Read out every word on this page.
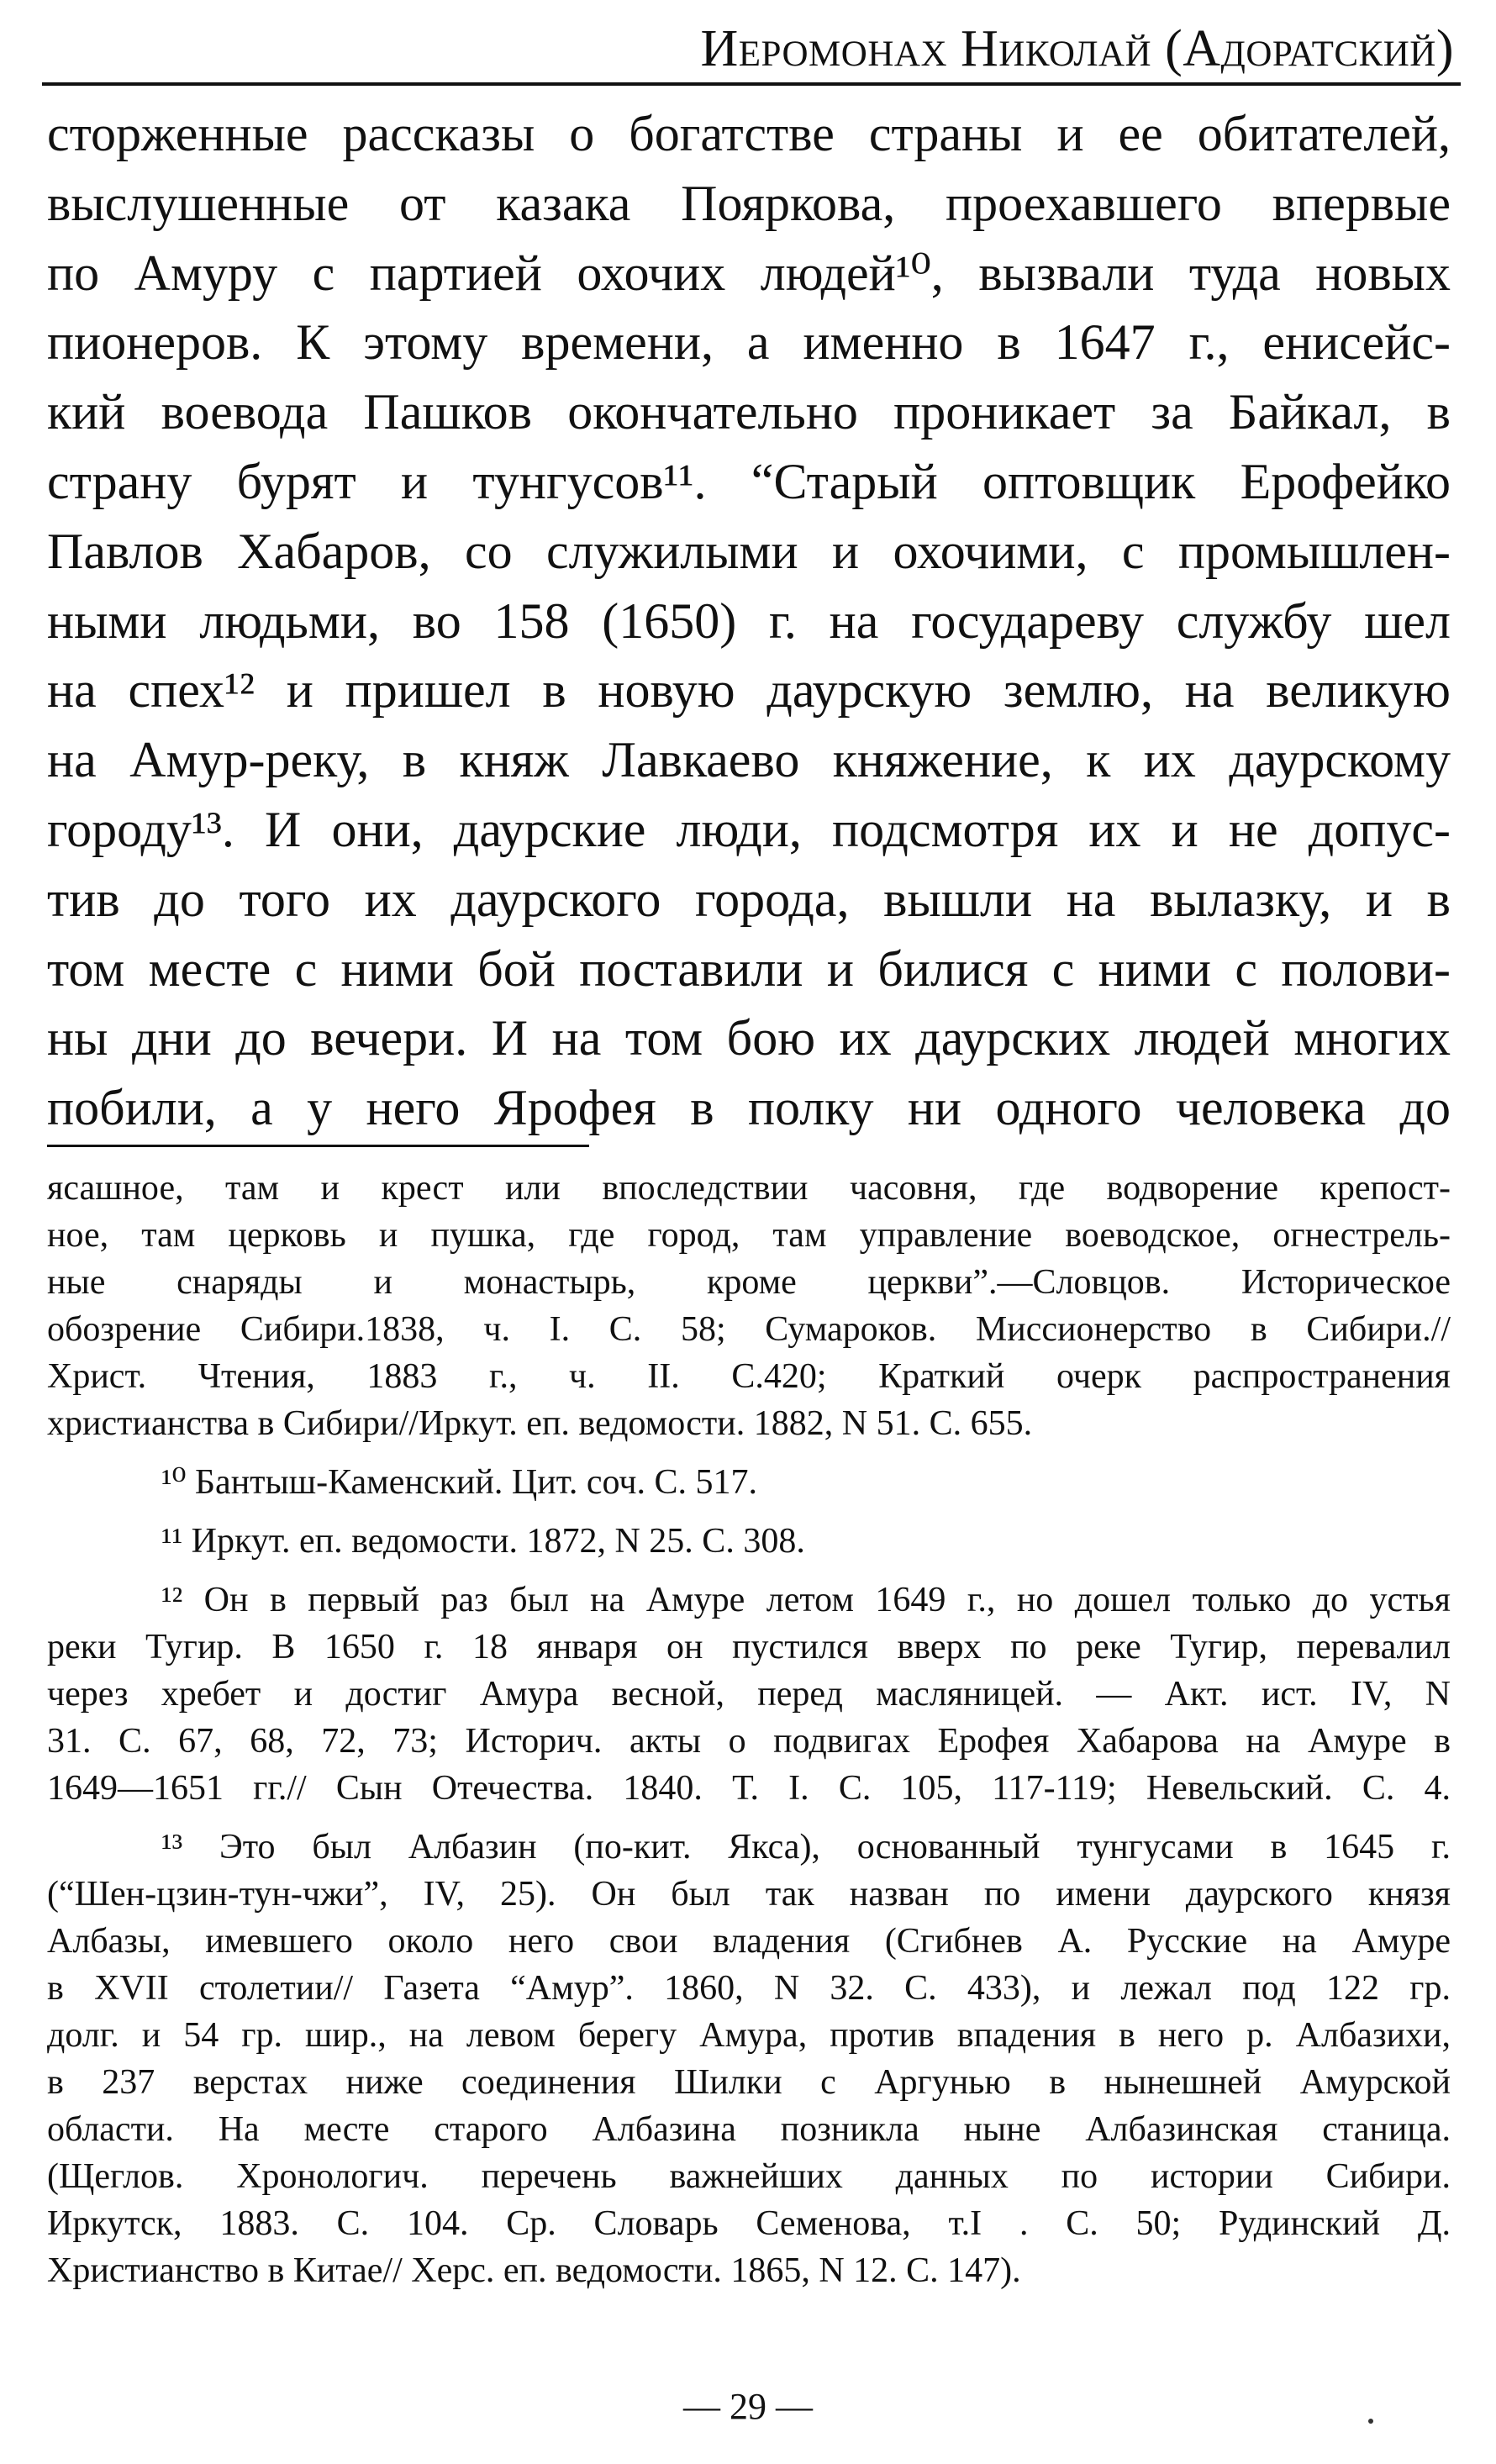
Иеромонах Николай (Адоратский)
сторженные рассказы о богатстве страны и ее обитателей,
выслушенные от казака Пояркова, проехавшего впервые
по Амуру с партией охочих людей¹⁰, вызвали туда новых
пионеров. К этому времени, а именно в 1647 г., енисейс-
кий воевода Пашков окончательно проникает за Байкал, в
страну бурят и тунгусов¹¹. “Старый оптовщик Ерофейко
Павлов Хабаров, со служилыми и охочими, с промышлен-
ными людьми, во 158 (1650) г. на государеву службу шел
на спех¹² и пришел в новую даурскую землю, на великую
на Амур-реку, в княж Лавкаево княжение, к их даурскому
городу¹³. И они, даурские люди, подсмотря их и не допус-
тив до того их даурского города, вышли на вылазку, и в
том месте с ними бой поставили и билися с ними с полови-
ны дни до вечери. И на том бою их даурских людей многих
побили, а у него Ярофея в полку ни одного человека до
ясашное, там и крест или впоследствии часовня, где водворение крепост-
ное, там церковь и пушка, где город, там управление воеводское, огнестрель-
ные снаряды и монастырь, кроме церкви”.—Словцов. Историческое
обозрение Сибири.1838, ч. I. С. 58; Сумароков. Миссионерство в Сибири.//
Христ. Чтения, 1883 г., ч. II. С.420; Краткий очерк распространения
христианства в Сибири//Иркут. еп. ведомости. 1882, N 51. С. 655.
¹⁰ Бантыш-Каменский. Цит. соч. С. 517.
¹¹ Иркут. еп. ведомости. 1872, N 25. С. 308.
¹² Он в первый раз был на Амуре летом 1649 г., но дошел только до устья
реки Тугир. В 1650 г. 18 января он пустился вверх по реке Тугир, перевалил
через хребет и достиг Амура весной, перед масляницей. — Акт. ист. IV, N
31. С. 67, 68, 72, 73; Историч. акты о подвигах Ерофея Хабарова на Амуре в
1649—1651 гг.// Сын Отечества. 1840. Т. I. С. 105, 117-119; Невельский. С. 4.
¹³ Это был Албазин (по-кит. Якса), основанный тунгусами в 1645 г.
(“Шен-цзин-тун-чжи”, IV, 25). Он был так назван по имени даурского князя
Албазы, имевшего около него свои владения (Сгибнев А. Русские на Амуре
в XVII столетии// Газета “Амур”. 1860, N 32. С. 433), и лежал под 122 гр.
долг. и 54 гр. шир., на левом берегу Амура, против впадения в него р. Албазихи,
в 237 верстах ниже соединения Шилки с Аргунью в нынешней Амурской
области. На месте старого Албазина позникла ныне Албазинская станица.
(Щеглов. Хронологич. перечень важнейших данных по истории Сибири.
Иркутск, 1883. С. 104. Ср. Словарь Семенова, т.I . С. 50; Рудинский Д.
Христианство в Китае// Херс. еп. ведомости. 1865, N 12. С. 147).
— 29 —
